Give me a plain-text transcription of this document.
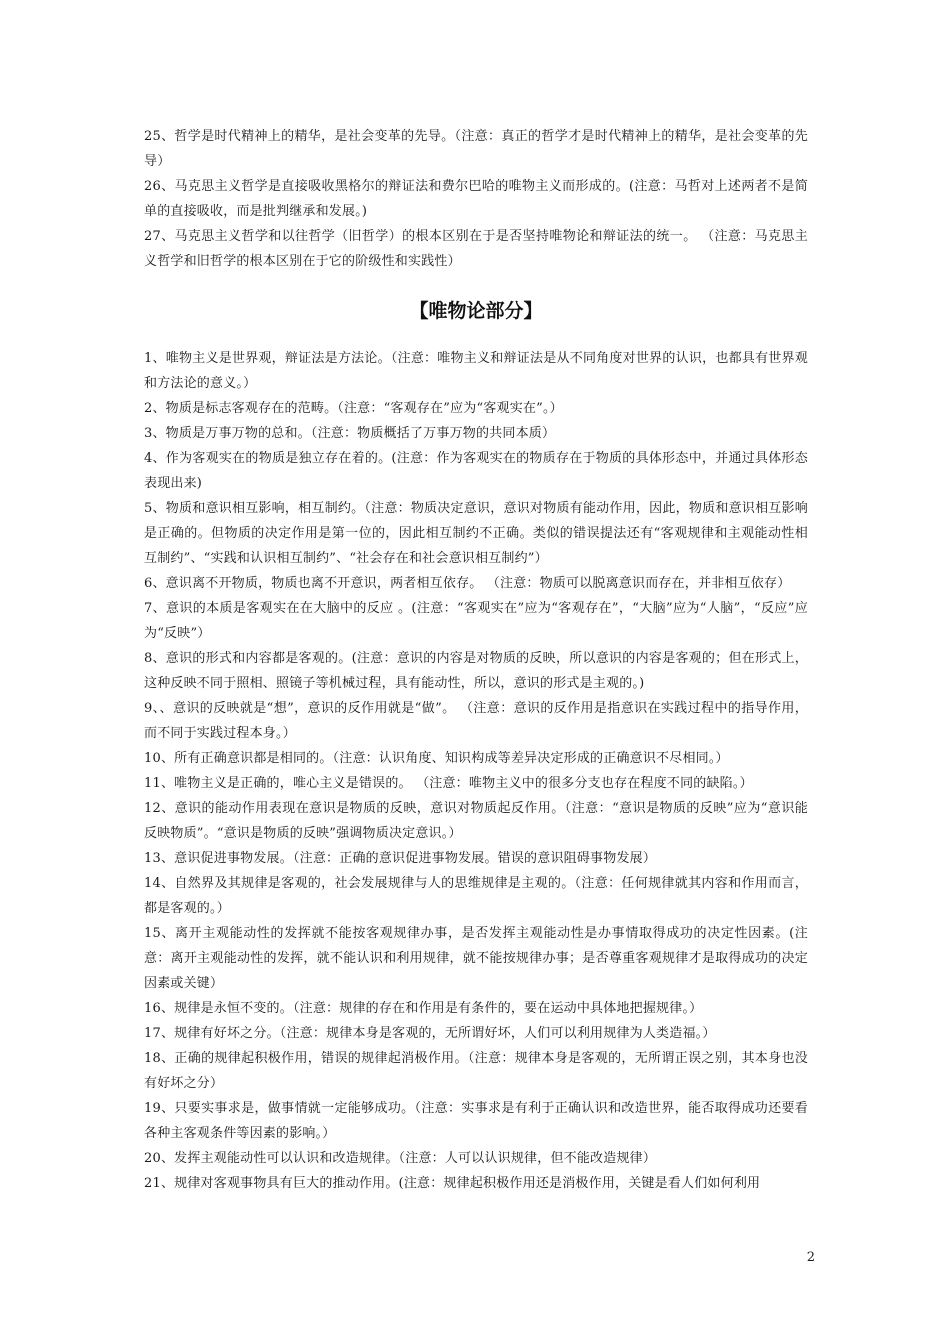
25、哲学是时代精神上的精华，是社会变革的先导。（注意：真正的哲学才是时代精神上的精华，是社会变革的先导）

26、马克思主义哲学是直接吸收黑格尔的辩证法和费尔巴哈的唯物主义而形成的。(注意：马哲对上述两者不是简单的直接吸收，而是批判继承和发展。)

27、马克思主义哲学和以往哲学（旧哲学）的根本区别在于是否坚持唯物论和辩证法的统一。 （注意：马克思主义哲学和旧哲学的根本区别在于它的阶级性和实践性）

【唯物论部分】

1、唯物主义是世界观，辩证法是方法论。（注意：唯物主义和辩证法是从不同角度对世界的认识，也都具有世界观和方法论的意义。）

2、物质是标志客观存在的范畴。（注意：“客观存在”应为“客观实在”。）

3、物质是万事万物的总和。（注意：物质概括了万事万物的共同本质）

4、作为客观实在的物质是独立存在着的。(注意：作为客观实在的物质存在于物质的具体形态中，并通过具体形态表现出来)

5、物质和意识相互影响，相互制约。（注意：物质决定意识，意识对物质有能动作用，因此，物质和意识相互影响是正确的。但物质的决定作用是第一位的，因此相互制约不正确。类似的错误提法还有“客观规律和主观能动性相互制约”、“实践和认识相互制约”、“社会存在和社会意识相互制约”）

6、意识离不开物质，物质也离不开意识，两者相互依存。 （注意：物质可以脱离意识而存在，并非相互依存）

7、意识的本质是客观实在在大脑中的反应 。(注意：“客观实在”应为“客观存在”，“大脑”应为“人脑”，“反应”应为“反映”）

8、意识的形式和内容都是客观的。(注意：意识的内容是对物质的反映，所以意识的内容是客观的；但在形式上，这种反映不同于照相、照镜子等机械过程，具有能动性，所以，意识的形式是主观的。)

9、、意识的反映就是“想”，意识的反作用就是“做”。 （注意：意识的反作用是指意识在实践过程中的指导作用，而不同于实践过程本身。）

10、所有正确意识都是相同的。（注意：认识角度、知识构成等差异决定形成的正确意识不尽相同。）

11、唯物主义是正确的，唯心主义是错误的。 （注意：唯物主义中的很多分支也存在程度不同的缺陷。）

12、意识的能动作用表现在意识是物质的反映，意识对物质起反作用。（注意：“意识是物质的反映”应为“意识能反映物质”。“意识是物质的反映”强调物质决定意识。）

13、意识促进事物发展。（注意：正确的意识促进事物发展。错误的意识阻碍事物发展）

14、自然界及其规律是客观的，社会发展规律与人的思维规律是主观的。（注意：任何规律就其内容和作用而言，都是客观的。）

15、离开主观能动性的发挥就不能按客观规律办事，是否发挥主观能动性是办事情取得成功的决定性因素。(注意：离开主观能动性的发挥，就不能认识和利用规律，就不能按规律办事；是否尊重客观规律才是取得成功的决定因素或关键）

16、规律是永恒不变的。（注意：规律的存在和作用是有条件的，要在运动中具体地把握规律。）

17、规律有好坏之分。（注意：规律本身是客观的，无所谓好坏，人们可以利用规律为人类造福。）

18、正确的规律起积极作用，错误的规律起消极作用。（注意：规律本身是客观的，无所谓正误之别，其本身也没有好坏之分）

19、只要实事求是，做事情就一定能够成功。（注意：实事求是有利于正确认识和改造世界，能否取得成功还要看各种主客观条件等因素的影响。）

20、发挥主观能动性可以认识和改造规律。（注意：人可以认识规律，但不能改造规律）

21、规律对客观事物具有巨大的推动作用。(注意：规律起积极作用还是消极作用，关键是看人们如何利用

2
